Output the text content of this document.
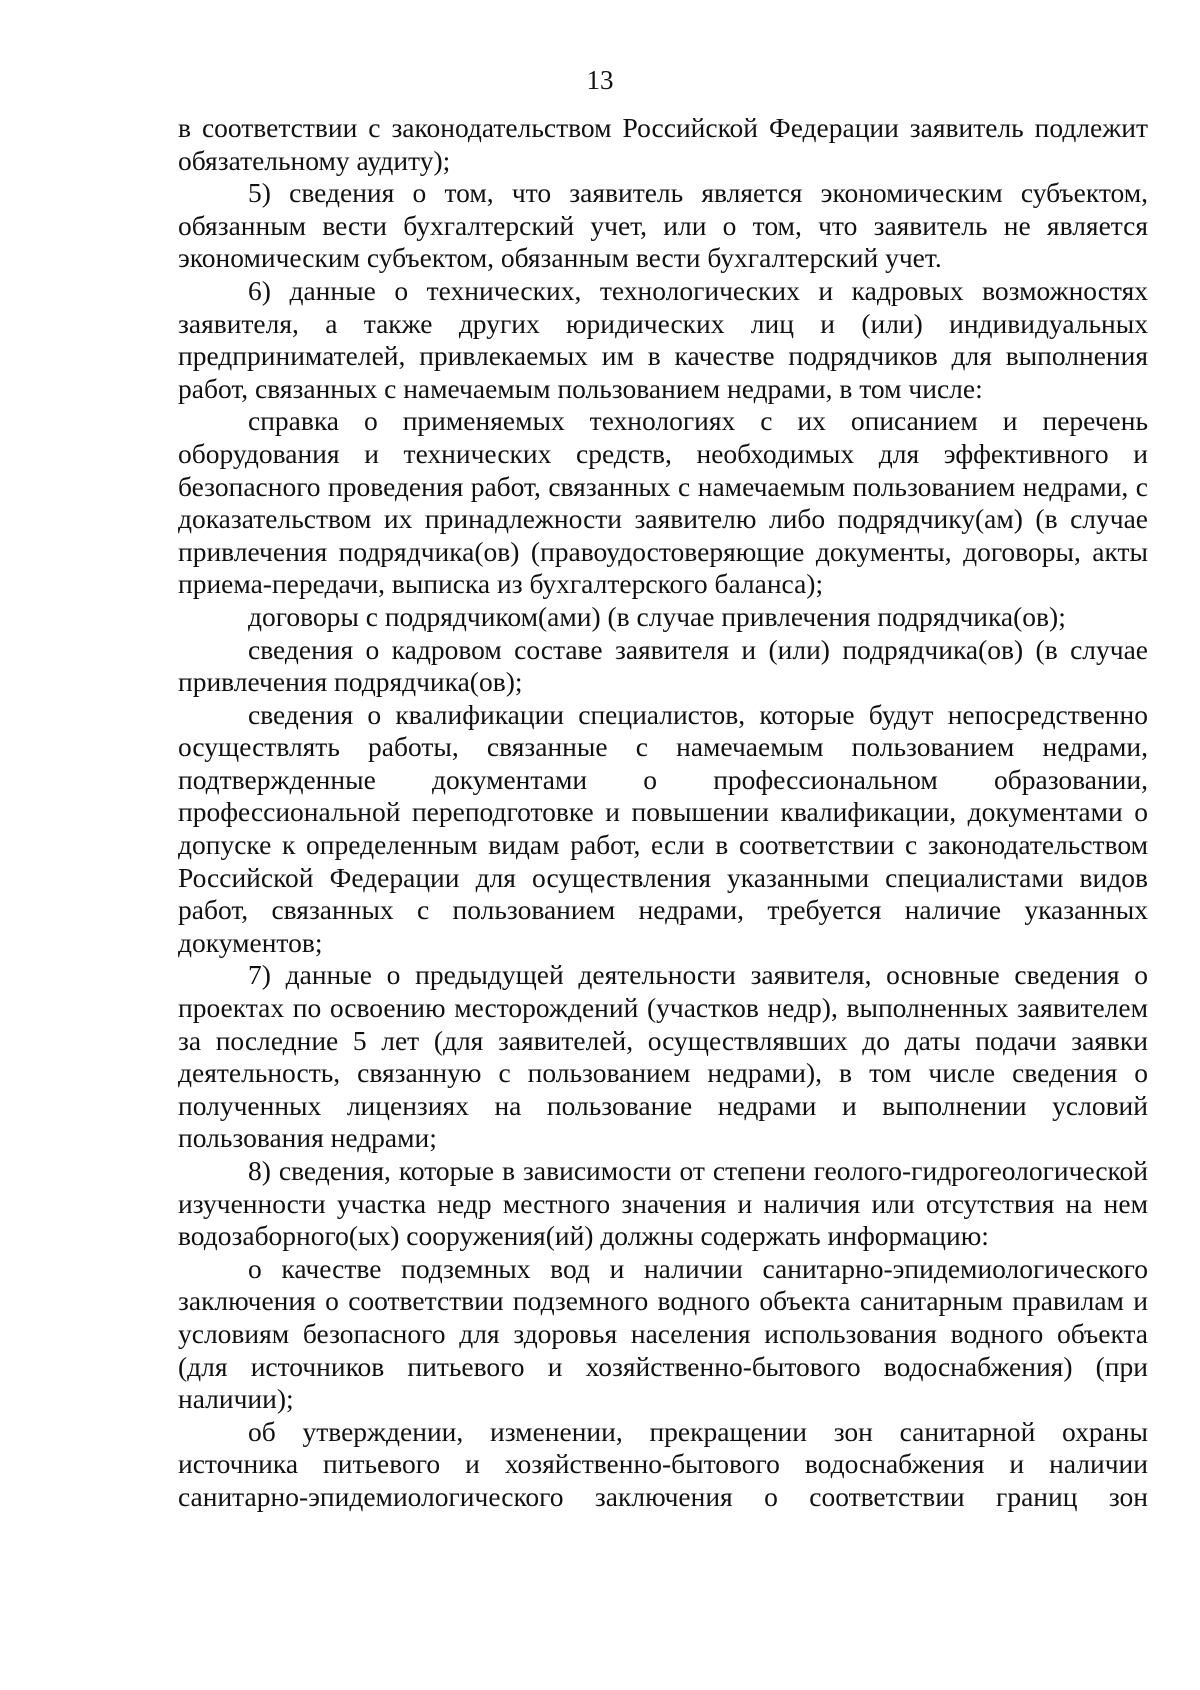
13

в соответствии с законодательством Российской Федерации заявитель подлежит обязательному аудиту);

5) сведения о том, что заявитель является экономическим субъектом, обязанным вести бухгалтерский учет, или о том, что заявитель не является экономическим субъектом, обязанным вести бухгалтерский учет.

6) данные о технических, технологических и кадровых возможностях заявителя, а также других юридических лиц и (или) индивидуальных предпринимателей, привлекаемых им в качестве подрядчиков для выполнения работ, связанных с намечаемым пользованием недрами, в том числе:

справка о применяемых технологиях с их описанием и перечень оборудования и технических средств, необходимых для эффективного и безопасного проведения работ, связанных с намечаемым пользованием недрами, с доказательством их принадлежности заявителю либо подрядчику(ам) (в случае привлечения подрядчика(ов) (правоудостоверяющие документы, договоры, акты приема-передачи, выписка из бухгалтерского баланса);

договоры с подрядчиком(ами) (в случае привлечения подрядчика(ов);

сведения о кадровом составе заявителя и (или) подрядчика(ов) (в случае привлечения подрядчика(ов);

сведения о квалификации специалистов, которые будут непосредственно осуществлять работы, связанные с намечаемым пользованием недрами, подтвержденные документами о профессиональном образовании, профессиональной переподготовке и повышении квалификации, документами о допуске к определенным видам работ, если в соответствии с законодательством Российской Федерации для осуществления указанными специалистами видов работ, связанных с пользованием недрами, требуется наличие указанных документов;

7) данные о предыдущей деятельности заявителя, основные сведения о проектах по освоению месторождений (участков недр), выполненных заявителем за последние 5 лет (для заявителей, осуществлявших до даты подачи заявки деятельность, связанную с пользованием недрами), в том числе сведения о полученных лицензиях на пользование недрами и выполнении условий пользования недрами;

8) сведения, которые в зависимости от степени геолого-гидрогеологической изученности участка недр местного значения и наличия или отсутствия на нем водозаборного(ых) сооружения(ий) должны содержать информацию:

о качестве подземных вод и наличии санитарно-эпидемиологического заключения о соответствии подземного водного объекта санитарным правилам и условиям безопасного для здоровья населения использования водного объекта (для источников питьевого и хозяйственно-бытового водоснабжения) (при наличии);

об утверждении, изменении, прекращении зон санитарной охраны источника питьевого и хозяйственно-бытового водоснабжения и наличии санитарно-эпидемиологического заключения о соответствии границ зон
